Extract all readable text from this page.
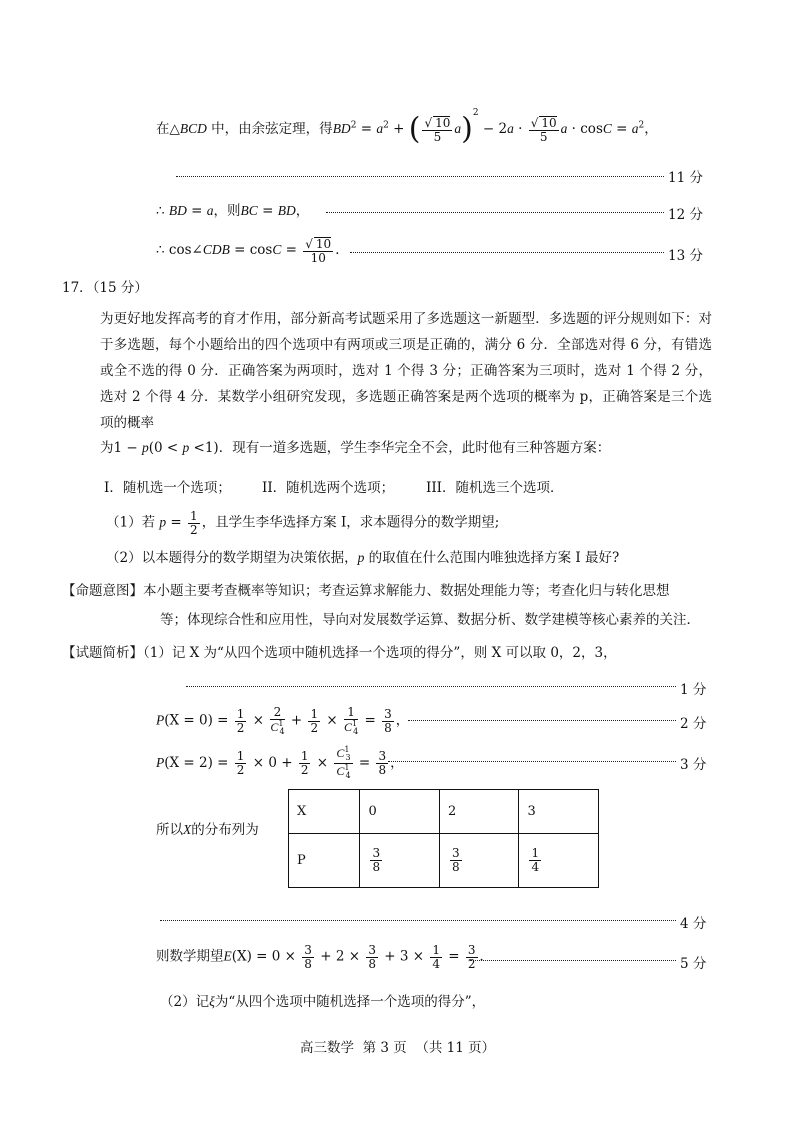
在△BCD 中，由余弦定理，得$BD^2 = a^2$ + ( $\frac{√ 10}{5} a)^2 - 2a \cdot \frac{√ 10}{5}$ $a \cdot \cos C = a^2$，
11 分
∴ BD = a，则BC = BD，	12 分
∴ cos∠CDB = $\cos C = \frac{√ 10}{10}$ ．	13 分
17．（15 分）
为更好地发挥高考的育才作用，部分新高考试题采用了多选题这一新题型．多选题的评分规则如下：对于多选题，每个小题给出的四个选项中有两项或三项是正确的，满分 6 分．全部选对得 6 分，有错选或全不选的得 0 分．正确答案为两项时，选对 1 个得 3 分；正确答案为三项时，选对 1 个得 2 分，选对 2 个得 4 分．某数学小组研究发现，多选题正确答案是两个选项的概率为 p，正确答案是三个选项的概率
为1 − p(0 < p <1)．现有一道多选题，学生李华完全不会，此时他有三种答题方案：
I．随机选一个选项； II．随机选两个选项； III．随机选三个选项．
（1）若 $p = \frac{1}{2}$ ，且学生李华选择方案 I，求本题得分的数学期望;
（2）以本题得分的数学期望为决策依据，p 的取值在什么范围内唯独选择方案 I 最好?
【命题意图】本小题主要考查概率等知识；考查运算求解能力、数据处理能力等；考查化归与转化思想
等；体现综合性和应用性，导向对发展数学运算、数据分析、数学建模等核心素养的关注．
【试题简析】（1）记 X 为“从四个选项中随机选择一个选项的得分”，则 X 可以取 0，2，3，
1 分
$P(X = 0) = \frac{1}{2} \times \frac{2}{C^1_4} + \frac{1}{2} \times \frac{1}{C^1_4} = \frac{3}{8}$ ，	2 分
$P(X = 2) = \frac{1}{2} \times 0 + \frac{1}{2} \times \frac{C^1_3}{C^1_4} = \frac{3}{8}$ ，	3 分
所以X的分布列为
X	0	2	3
P	$\frac{3}{8}$	$\frac{3}{8}$	$\frac{1}{4}$
4 分
则数学期望$E(X) = 0 \times \frac{3}{8} + 2 \times \frac{3}{8} + 3 \times \frac{1}{4} = \frac{3}{2}$ ．	5 分
（2）记ξ为“从四个选项中随机选择一个选项的得分”，
高三数学 第 3 页 （共 11 页）
